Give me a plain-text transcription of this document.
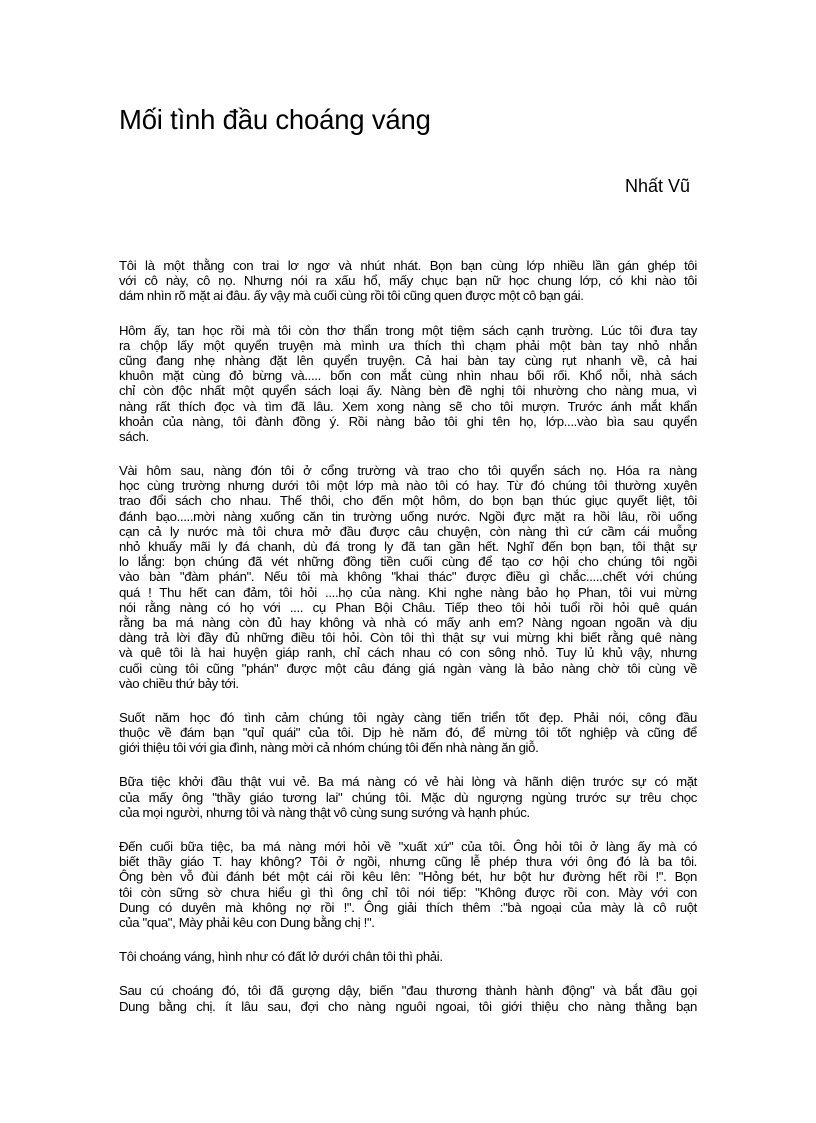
Mối tình đầu choáng váng

Nhất Vũ

Tôi là một thằng con trai lơ ngơ và nhút nhát. Bọn bạn cùng lớp nhiều lần gán ghép tôi
với cô này, cô nọ. Nhưng nói ra xấu hổ, mấy chục bạn nữ học chung lớp, có khi nào tôi
dám nhìn rõ mặt ai đâu. ấy vậy mà cuối cùng rồi tôi cũng quen được một cô bạn gái.
Hôm ấy, tan học rồi mà tôi còn thơ thẩn trong một tiệm sách cạnh trường. Lúc tôi đưa tay
ra chộp lấy một quyển truyện mà mình ưa thích thì chạm phải một bàn tay nhỏ nhắn
cũng đang nhẹ nhàng đặt lên quyển truyện. Cả hai bàn tay cùng rụt nhanh về, cả hai
khuôn mặt cùng đỏ bừng và..... bốn con mắt cùng nhìn nhau bối rối. Khổ nỗi, nhà sách
chỉ còn độc nhất một quyển sách loại ấy. Nàng bèn đề nghị tôi nhường cho nàng mua, vì
nàng rất thích đọc và tìm đã lâu. Xem xong nàng sẽ cho tôi mượn. Trước ánh mắt khẩn
khoản của nàng, tôi đành đồng ý. Rồi nàng bảo tôi ghi tên họ, lớp....vào bìa sau quyển
sách.
Vài hôm sau, nàng đón tôi ở cổng trường và trao cho tôi quyển sách nọ. Hóa ra nàng
học cùng trường nhưng dưới tôi một lớp mà nào tôi có hay. Từ đó chúng tôi thường xuyên
trao đổi sách cho nhau. Thế thôi, cho đến một hôm, do bọn bạn thúc giục quyết liệt, tôi
đánh bạo.....mời nàng xuống căn tin trường uống nước. Ngồi đực mặt ra hồi lâu, rồi uống
cạn cả ly nước mà tôi chưa mở đầu được câu chuyện, còn nàng thì cứ cầm cái muỗng
nhỏ khuấy mãi ly đá chanh, dù đá trong ly đã tan gần hết. Nghĩ đến bọn bạn, tôi thật sự
lo lắng: bọn chúng đã vét những đồng tiền cuối cùng để tạo cơ hội cho chúng tôi ngồi
vào bàn "đàm phán". Nếu tôi mà không "khai thác" được điều gì chắc.....chết với chúng
quá ! Thu hết can đảm, tôi hỏi ....họ của nàng. Khi nghe nàng bảo họ Phan, tôi vui mừng
nói rằng nàng có họ với .... cụ Phan Bội Châu. Tiếp theo tôi hỏi tuổi rồi hỏi quê quán
rằng ba má nàng còn đủ hay không và nhà có mấy anh em? Nàng ngoan ngoãn và dịu
dàng trả lời đầy đủ những điều tôi hỏi. Còn tôi thì thật sự vui mừng khi biết rằng quê nàng
và quê tôi là hai huyện giáp ranh, chỉ cách nhau có con sông nhỏ. Tuy lủ khủ vậy, nhưng
cuối cùng tôi cũng "phán" được một câu đáng giá ngàn vàng là bảo nàng chờ tôi cùng về
vào chiều thứ bảy tới.
Suốt năm học đó tình cảm chúng tôi ngày càng tiến triển tốt đẹp. Phải nói, công đầu
thuộc về đám bạn "quỉ quái" của tôi. Dịp hè năm đó, để mừng tôi tốt nghiệp và cũng để
giới thiệu tôi với gia đình, nàng mời cả nhóm chúng tôi đến nhà nàng ăn giỗ.
Bữa tiệc khởi đầu thật vui vẻ. Ba má nàng có vẻ hài lòng và hãnh diện trước sự có mặt
của mấy ông "thầy giáo tương lai" chúng tôi. Mặc dù ngượng ngùng trước sự trêu chọc
của mọi người, nhưng tôi và nàng thật vô cùng sung sướng và hạnh phúc.
Đến cuối bữa tiệc, ba má nàng mới hỏi về "xuất xứ" của tôi. Ông hỏi tôi ở làng ấy mà có
biết thầy giáo T. hay không? Tôi ở ngồi, nhưng cũng lễ phép thưa với ông đó là ba tôi.
Ông bèn vỗ đùi đánh bét một cái rồi kêu lên: "Hỏng bét, hư bột hư đường hết rồi !". Bọn
tôi còn sững sờ chưa hiểu gì thì ông chỉ tôi nói tiếp: "Không được rồi con. Mày với con
Dung có duyên mà không nợ rồi !". Ông giải thích thêm :"bà ngoại của mày là cô ruột
của "qua", Mày phải kêu con Dung bằng chị !".
Tôi choáng váng, hình như có đất lở dưới chân tôi thì phải.
Sau cú choáng đó, tôi đã gượng dậy, biến "đau thương thành hành động" và bắt đầu gọi
Dung bằng chị. ít lâu sau, đợi cho nàng nguôi ngoai, tôi giới thiệu cho nàng thằng bạn
